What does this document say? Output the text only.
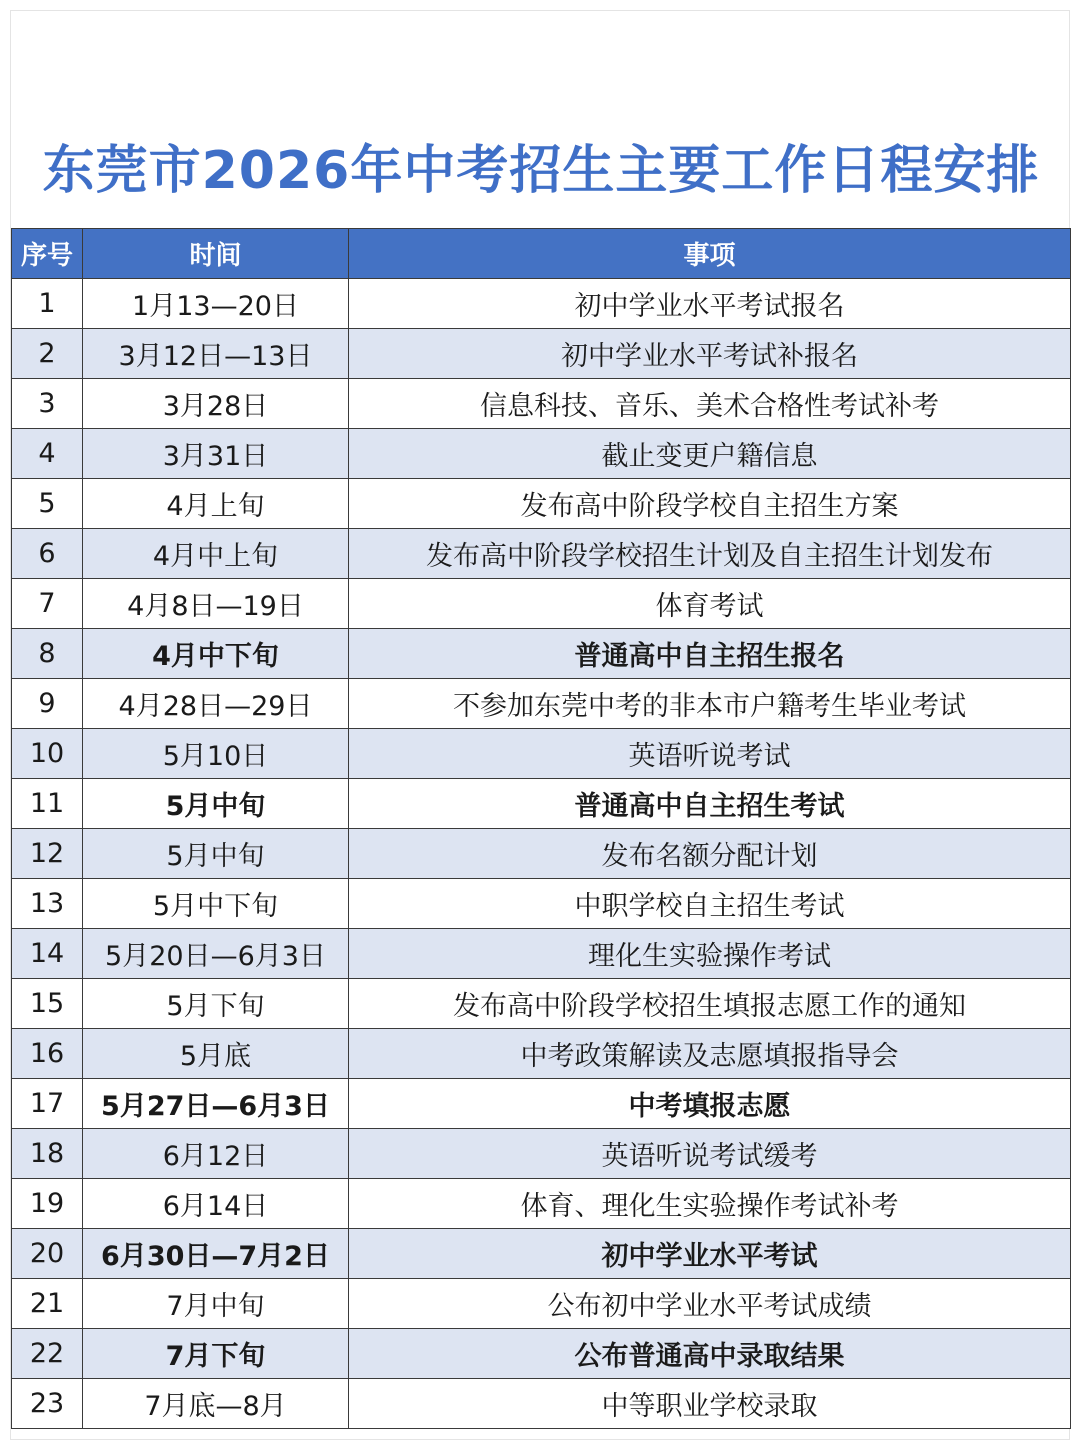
东莞市2026年中考招生主要工作日程安排
序号	时间	事项
1	1月13—20日	初中学业水平考试报名
2	3月12日—13日	初中学业水平考试补报名
3	3月28日	信息科技、音乐、美术合格性考试补考
4	3月31日	截止变更户籍信息
5	4月上旬	发布高中阶段学校自主招生方案
6	4月中上旬	发布高中阶段学校招生计划及自主招生计划发布
7	4月8日—19日	体育考试
8	4月中下旬	普通高中自主招生报名
9	4月28日—29日	不参加东莞中考的非本市户籍考生毕业考试
10	5月10日	英语听说考试
11	5月中旬	普通高中自主招生考试
12	5月中旬	发布名额分配计划
13	5月中下旬	中职学校自主招生考试
14	5月20日—6月3日	理化生实验操作考试
15	5月下旬	发布高中阶段学校招生填报志愿工作的通知
16	5月底	中考政策解读及志愿填报指导会
17	5月27日—6月3日	中考填报志愿
18	6月12日	英语听说考试缓考
19	6月14日	体育、理化生实验操作考试补考
20	6月30日—7月2日	初中学业水平考试
21	7月中旬	公布初中学业水平考试成绩
22	7月下旬	公布普通高中录取结果
23	7月底—8月	中等职业学校录取
